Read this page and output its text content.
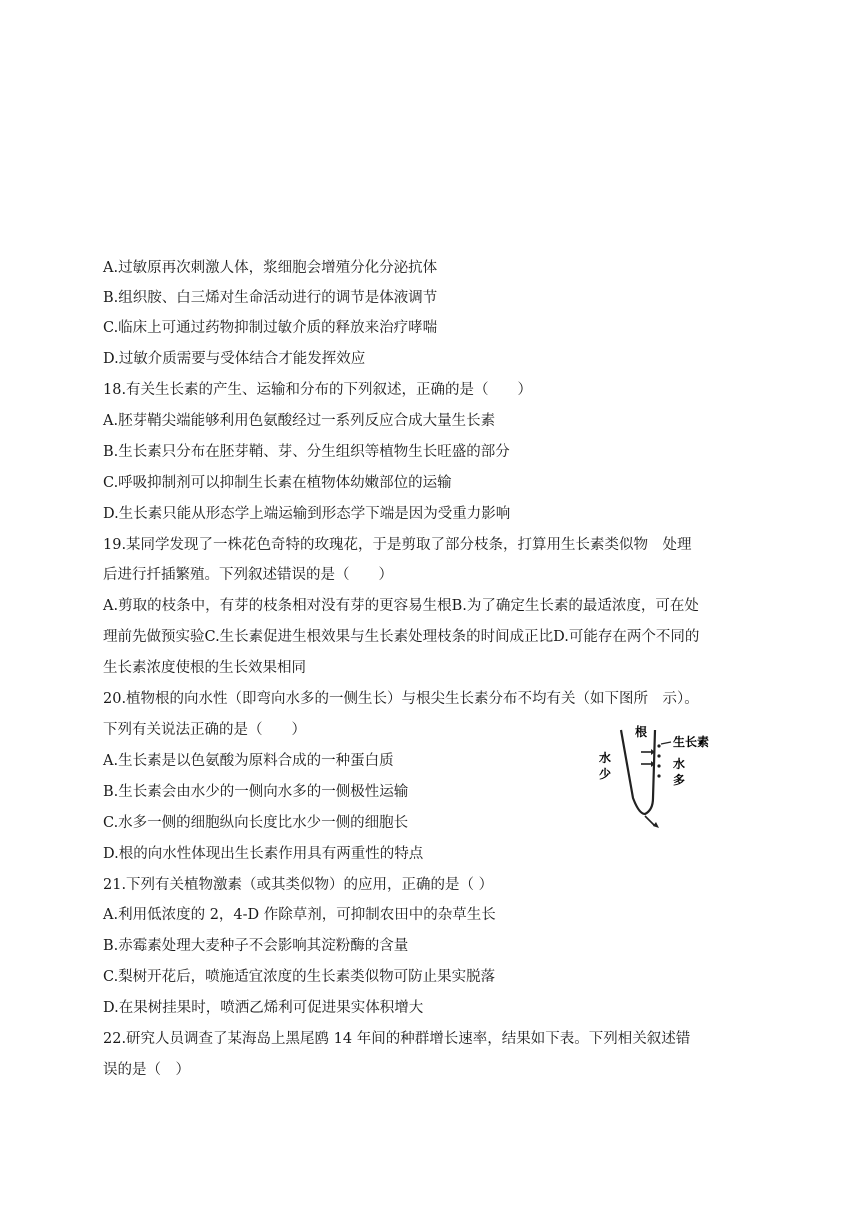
A.过敏原再次刺激人体，浆细胞会增殖分化分泌抗体
B.组织胺、白三烯对生命活动进行的调节是体液调节
C.临床上可通过药物抑制过敏介质的释放来治疗哮喘
D.过敏介质需要与受体结合才能发挥效应
18.有关生长素的产生、运输和分布的下列叙述，正确的是（　　）
A.胚芽鞘尖端能够利用色氨酸经过一系列反应合成大量生长素
B.生长素只分布在胚芽鞘、芽、分生组织等植物生长旺盛的部分
C.呼吸抑制剂可以抑制生长素在植物体幼嫩部位的运输
D.生长素只能从形态学上端运输到形态学下端是因为受重力影响
19.某同学发现了一株花色奇特的玫瑰花，于是剪取了部分枝条，打算用生长素类似物　处理
后进行扦插繁殖。下列叙述错误的是（　　）
A.剪取的枝条中，有芽的枝条相对没有芽的更容易生根B.为了确定生长素的最适浓度，可在处
理前先做预实验C.生长素促进生根效果与生长素处理枝条的时间成正比D.可能存在两个不同的
生长素浓度使根的生长效果相同
20.植物根的向水性（即弯向水多的一侧生长）与根尖生长素分布不均有关（如下图所　示）。
下列有关说法正确的是（　　）
A.生长素是以色氨酸为原料合成的一种蛋白质
B.生长素会由水少的一侧向水多的一侧极性运输
C.水多一侧的细胞纵向长度比水少一侧的细胞长
D.根的向水性体现出生长素作用具有两重性的特点
21.下列有关植物激素（或其类似物）的应用，正确的是（ ）
A.利用低浓度的 2，4-D 作除草剂，可抑制农田中的杂草生长
B.赤霉素处理大麦种子不会影响其淀粉酶的含量
C.梨树开花后，喷施适宜浓度的生长素类似物可防止果实脱落
D.在果树挂果时，喷洒乙烯利可促进果实体积增大
22.研究人员调查了某海岛上黑尾鸥 14 年间的种群增长速率，结果如下表。下列相关叙述错
误的是（　）
根
生长素
水
少
水
多
